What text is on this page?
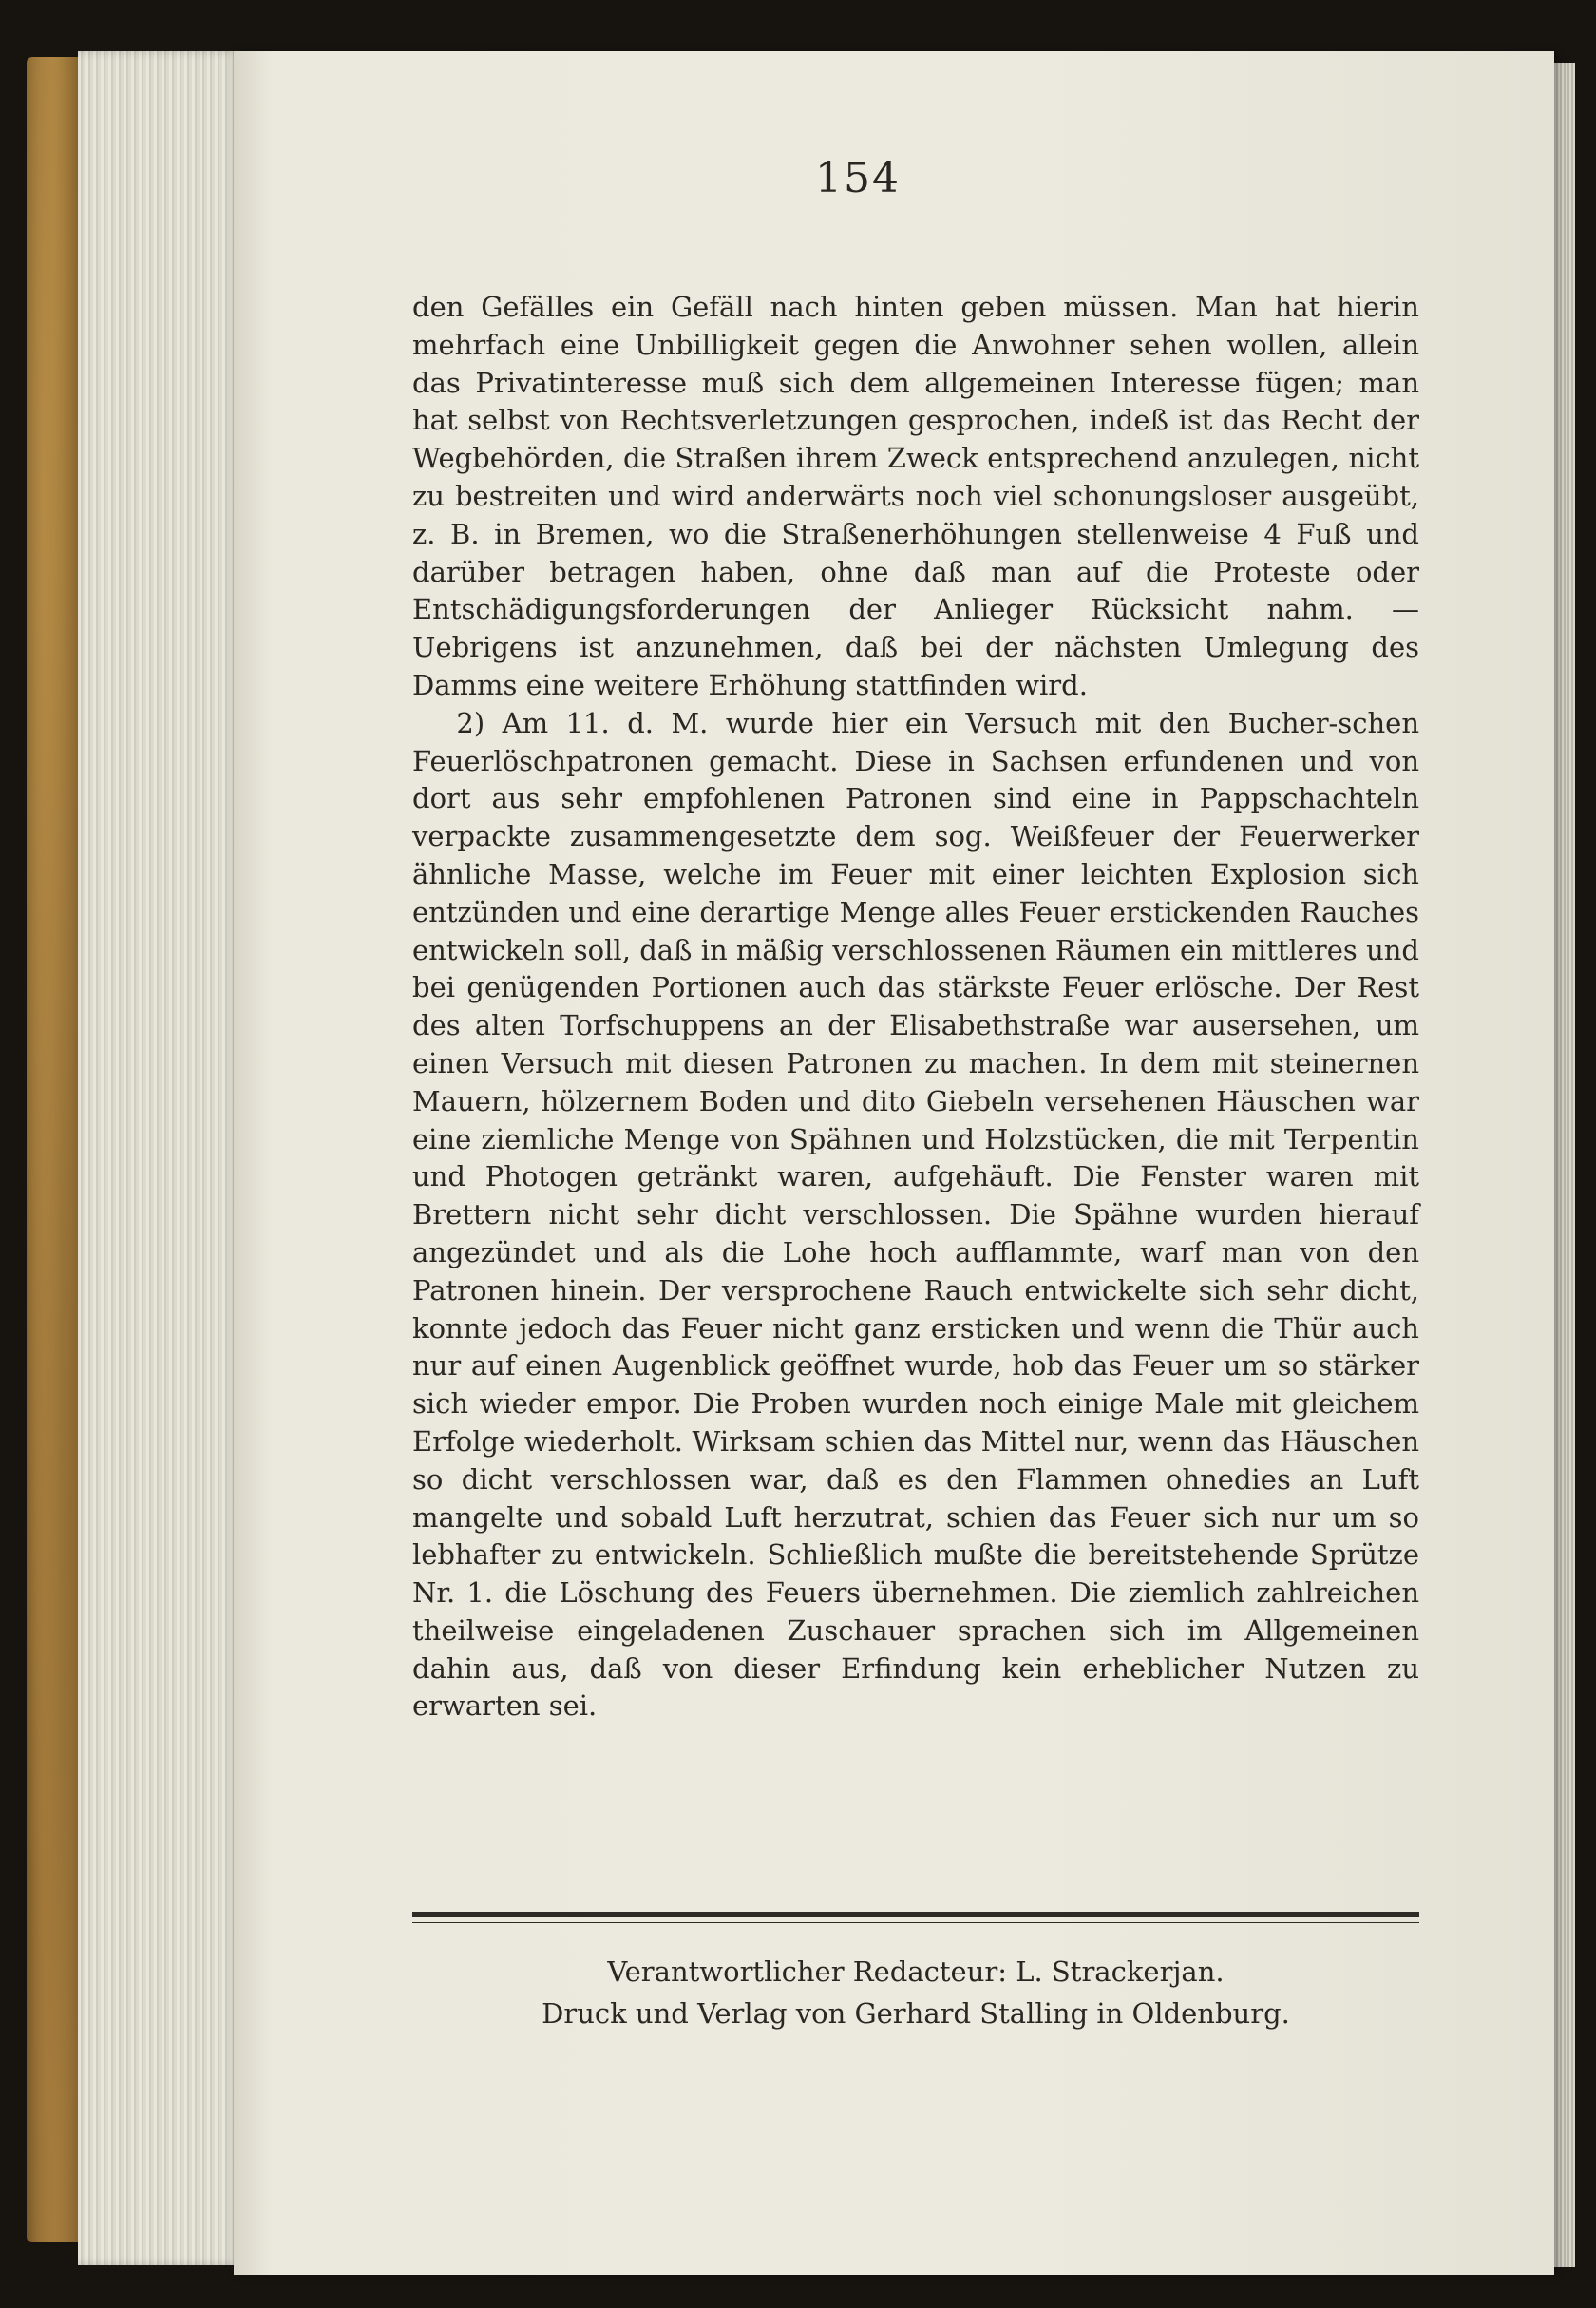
154

den Gefälles ein Gefäll nach hinten geben müssen. Man hat hierin mehrfach eine Unbilligkeit gegen die Anwohner sehen wollen, allein das Privatinteresse muß sich dem allgemeinen Interesse fügen; man hat selbst von Rechtsverletzungen gesprochen, indeß ist das Recht der Wegbehörden, die Straßen ihrem Zweck entsprechend anzulegen, nicht zu bestreiten und wird anderwärts noch viel schonungsloser ausgeübt, z. B. in Bremen, wo die Straßenerhöhungen stellenweise 4 Fuß und darüber betragen haben, ohne daß man auf die Proteste oder Entschädigungsforderungen der Anlieger Rücksicht nahm. — Uebrigens ist anzunehmen, daß bei der nächsten Umlegung des Damms eine weitere Erhöhung stattfinden wird.

2) Am 11. d. M. wurde hier ein Versuch mit den Bucher-schen Feuerlöschpatronen gemacht. Diese in Sachsen erfundenen und von dort aus sehr empfohlenen Patronen sind eine in Pappschachteln verpackte zusammengesetzte dem sog. Weißfeuer der Feuerwerker ähnliche Masse, welche im Feuer mit einer leichten Explosion sich entzünden und eine derartige Menge alles Feuer erstickenden Rauches entwickeln soll, daß in mäßig verschlossenen Räumen ein mittleres und bei genügenden Portionen auch das stärkste Feuer erlösche. Der Rest des alten Torfschuppens an der Elisabethstraße war ausersehen, um einen Versuch mit diesen Patronen zu machen. In dem mit steinernen Mauern, hölzernem Boden und dito Giebeln versehenen Häuschen war eine ziemliche Menge von Spähnen und Holzstücken, die mit Terpentin und Photogen getränkt waren, aufgehäuft. Die Fenster waren mit Brettern nicht sehr dicht verschlossen. Die Spähne wurden hierauf angezündet und als die Lohe hoch aufflammte, warf man von den Patronen hinein. Der versprochene Rauch entwickelte sich sehr dicht, konnte jedoch das Feuer nicht ganz ersticken und wenn die Thür auch nur auf einen Augenblick geöffnet wurde, hob das Feuer um so stärker sich wieder empor. Die Proben wurden noch einige Male mit gleichem Erfolge wiederholt. Wirksam schien das Mittel nur, wenn das Häuschen so dicht verschlossen war, daß es den Flammen ohnedies an Luft mangelte und sobald Luft herzutrat, schien das Feuer sich nur um so lebhafter zu entwickeln. Schließlich mußte die bereitstehende Sprütze Nr. 1. die Löschung des Feuers übernehmen. Die ziemlich zahlreichen theilweise eingeladenen Zuschauer sprachen sich im Allgemeinen dahin aus, daß von dieser Erfindung kein erheblicher Nutzen zu erwarten sei.

Verantwortlicher Redacteur: L. Strackerjan.
Druck und Verlag von Gerhard Stalling in Oldenburg.
